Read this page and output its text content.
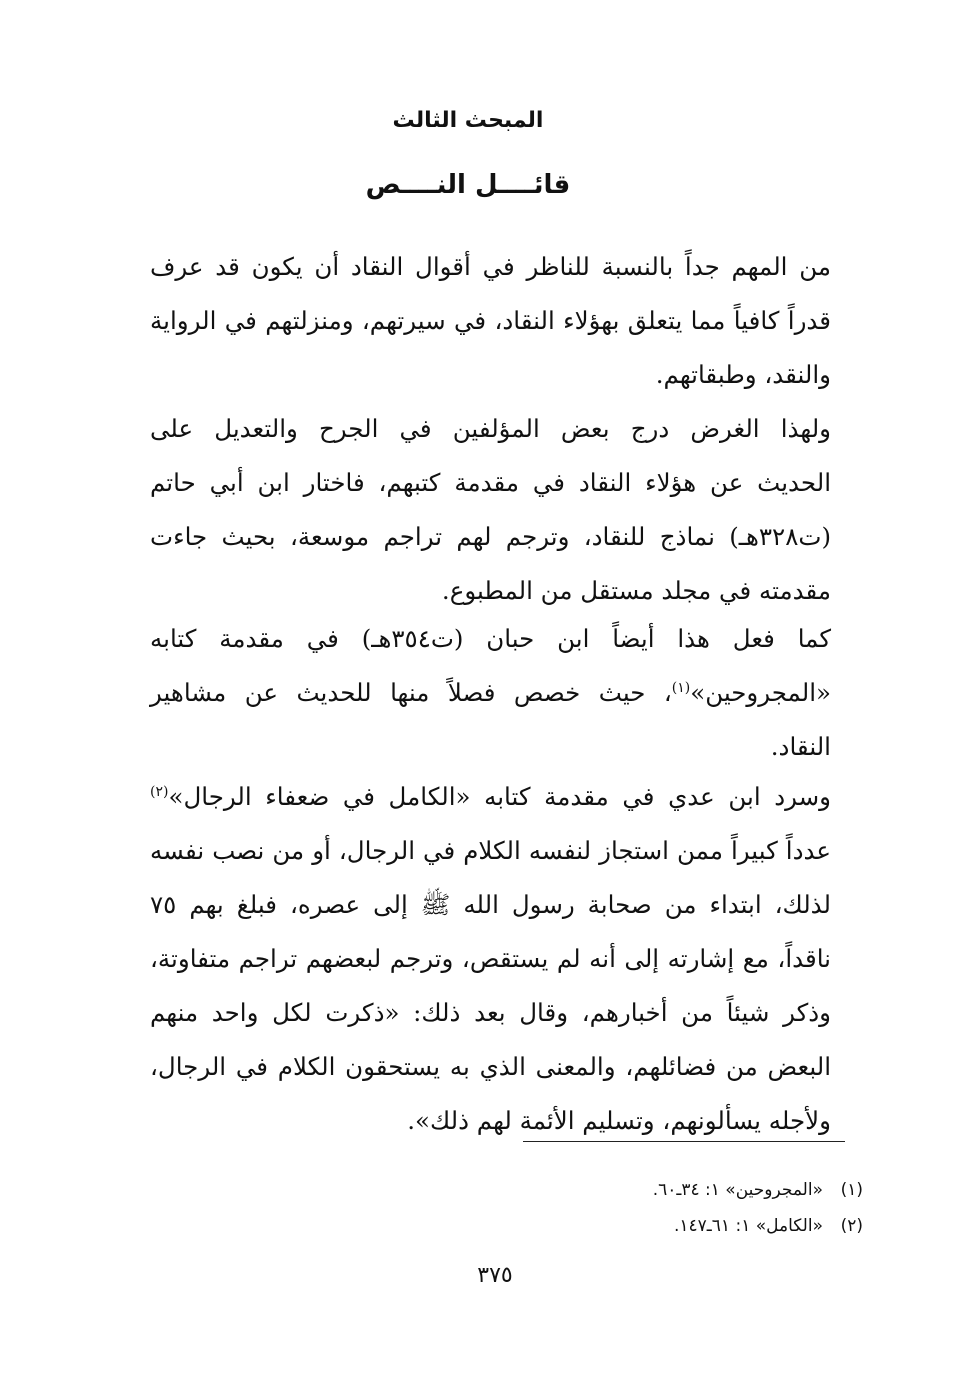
المبحث الثالث
قائــــل النــــص

من المهم جداً بالنسبة للناظر في أقوال النقاد أن يكون قد عرف
قدراً كافياً مما يتعلق بهؤلاء النقاد، في سيرتهم، ومنزلتهم في الرواية
والنقد، وطبقاتهم.

ولهذا الغرض درج بعض المؤلفين في الجرح والتعديل على
الحديث عن هؤلاء النقاد في مقدمة كتبهم، فاختار ابن أبي حاتم
(ت٣٢٨هـ) نماذج للنقاد، وترجم لهم تراجم موسعة، بحيث جاءت
مقدمته في مجلد مستقل من المطبوع.

كما فعل هذا أيضاً ابن حبان (ت٣٥٤هـ) في مقدمة كتابه
«المجروحين»$^{(١)}$، حيث خصص فصلاً منها للحديث عن مشاهير
النقاد.

وسرد ابن عدي في مقدمة كتابه «الكامل في ضعفاء الرجال»$^{(٢)}$
عدداً كبيراً ممن استجاز لنفسه الكلام في الرجال، أو من نصب نفسه
لذلك، ابتداء من صحابة رسول الله ﷺ إلى عصره، فبلغ بهم ٧٥
ناقداً، مع إشارته إلى أنه لم يستقص، وترجم لبعضهم تراجم متفاوتة،
وذكر شيئاً من أخبارهم، وقال بعد ذلك: «ذكرت لكل واحد منهم
البعض من فضائلهم، والمعنى الذي به يستحقون الكلام في الرجال،
ولأجله يسألونهم، وتسليم الأئمة لهم ذلك».

(١)«المجروحين» ١: ٣٤ـ٦٠.
(٢)«الكامل» ١: ٦١ـ١٤٧.
٣٧٥
